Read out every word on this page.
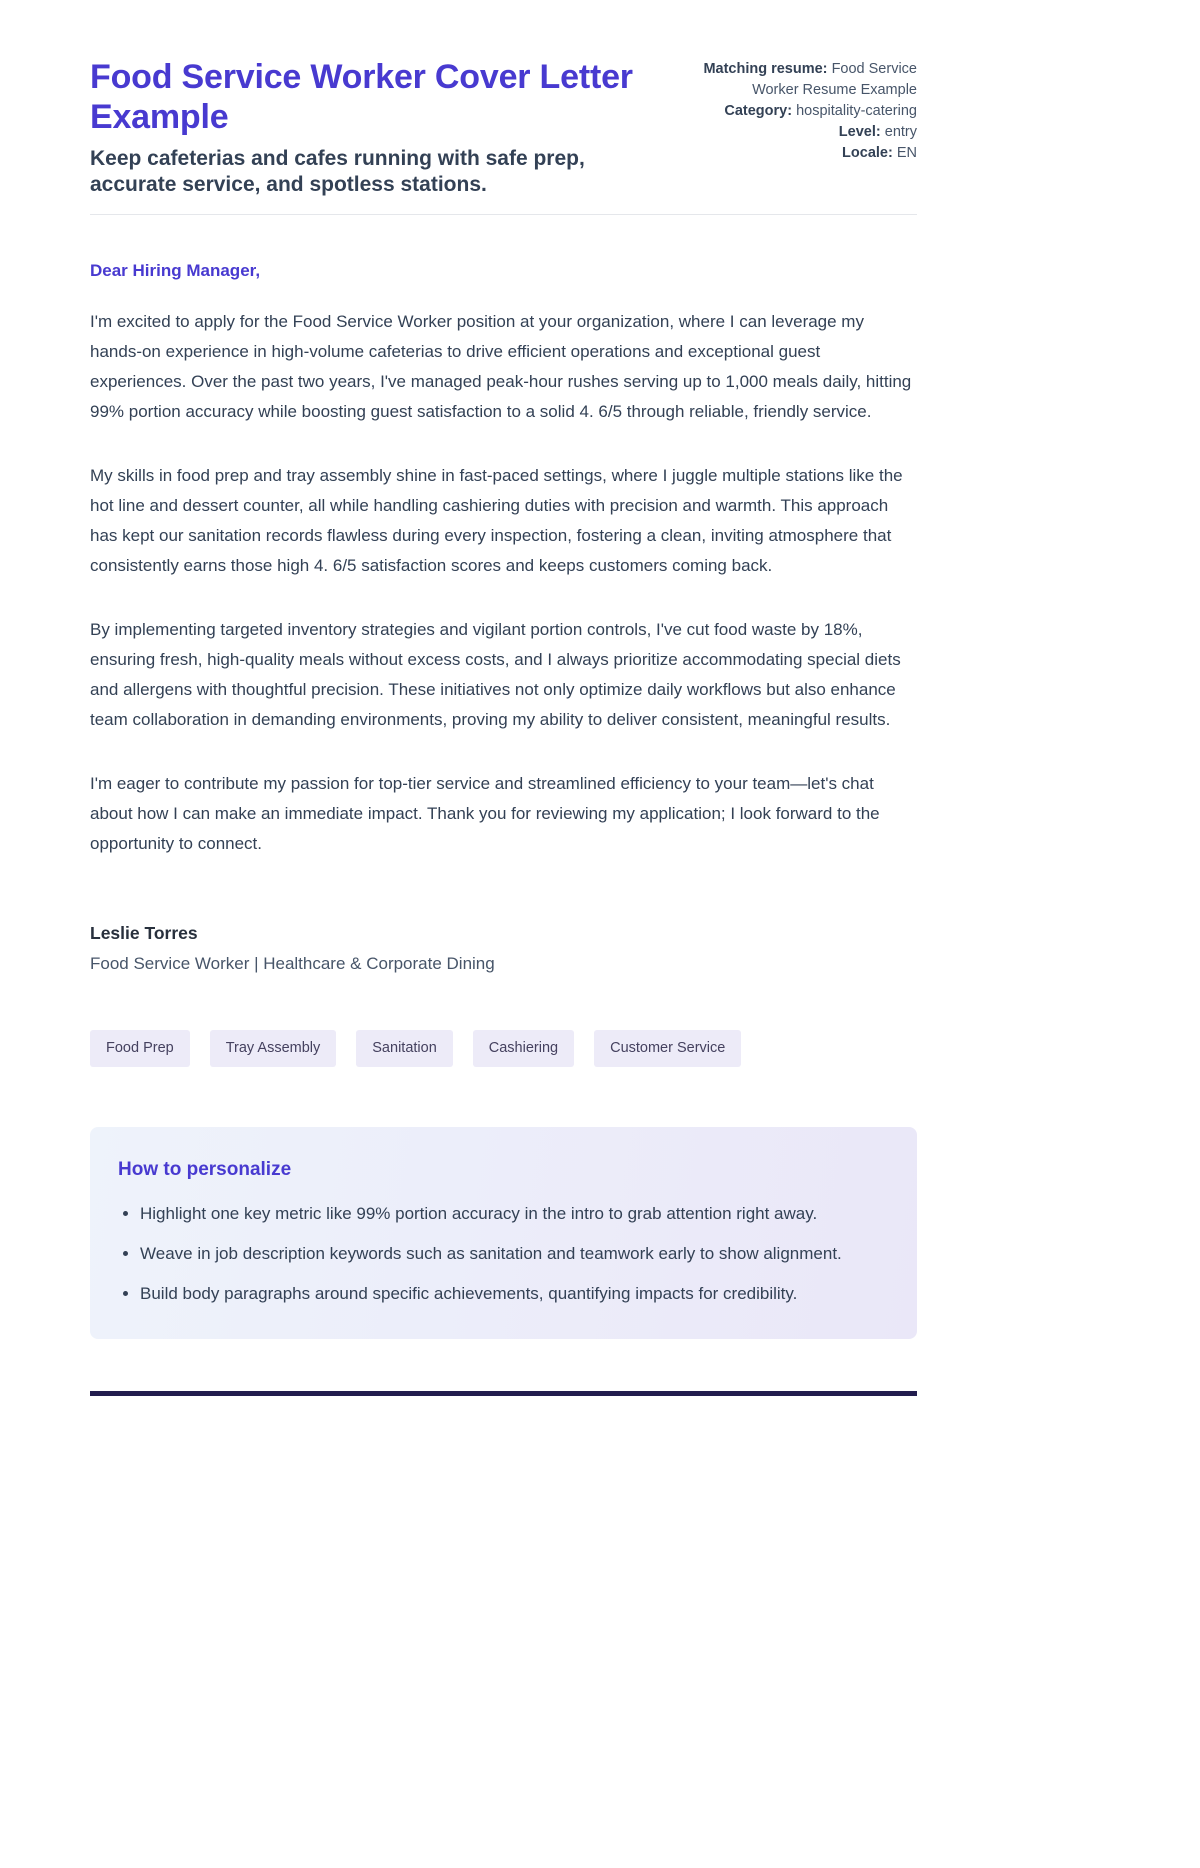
Food Service Worker Cover Letter Example

Keep cafeterias and cafes running with safe prep, accurate service, and spotless stations.

Matching resume: Food Service Worker Resume Example
Category: hospitality-catering
Level: entry
Locale: EN

Dear Hiring Manager,

I'm excited to apply for the Food Service Worker position at your organization, where I can leverage my hands-on experience in high-volume cafeterias to drive efficient operations and exceptional guest experiences. Over the past two years, I've managed peak-hour rushes serving up to 1,000 meals daily, hitting 99% portion accuracy while boosting guest satisfaction to a solid 4. 6/5 through reliable, friendly service.

My skills in food prep and tray assembly shine in fast-paced settings, where I juggle multiple stations like the hot line and dessert counter, all while handling cashiering duties with precision and warmth. This approach has kept our sanitation records flawless during every inspection, fostering a clean, inviting atmosphere that consistently earns those high 4. 6/5 satisfaction scores and keeps customers coming back.

By implementing targeted inventory strategies and vigilant portion controls, I've cut food waste by 18%, ensuring fresh, high-quality meals without excess costs, and I always prioritize accommodating special diets and allergens with thoughtful precision. These initiatives not only optimize daily workflows but also enhance team collaboration in demanding environments, proving my ability to deliver consistent, meaningful results.

I'm eager to contribute my passion for top-tier service and streamlined efficiency to your team—let's chat about how I can make an immediate impact. Thank you for reviewing my application; I look forward to the opportunity to connect.

Leslie Torres

Food Service Worker | Healthcare & Corporate Dining

Food Prep	Tray Assembly	Sanitation	Cashiering	Customer Service
How to personalize
• Highlight one key metric like 99% portion accuracy in the intro to grab attention right away.
• Weave in job description keywords such as sanitation and teamwork early to show alignment.
• Build body paragraphs around specific achievements, quantifying impacts for credibility.
